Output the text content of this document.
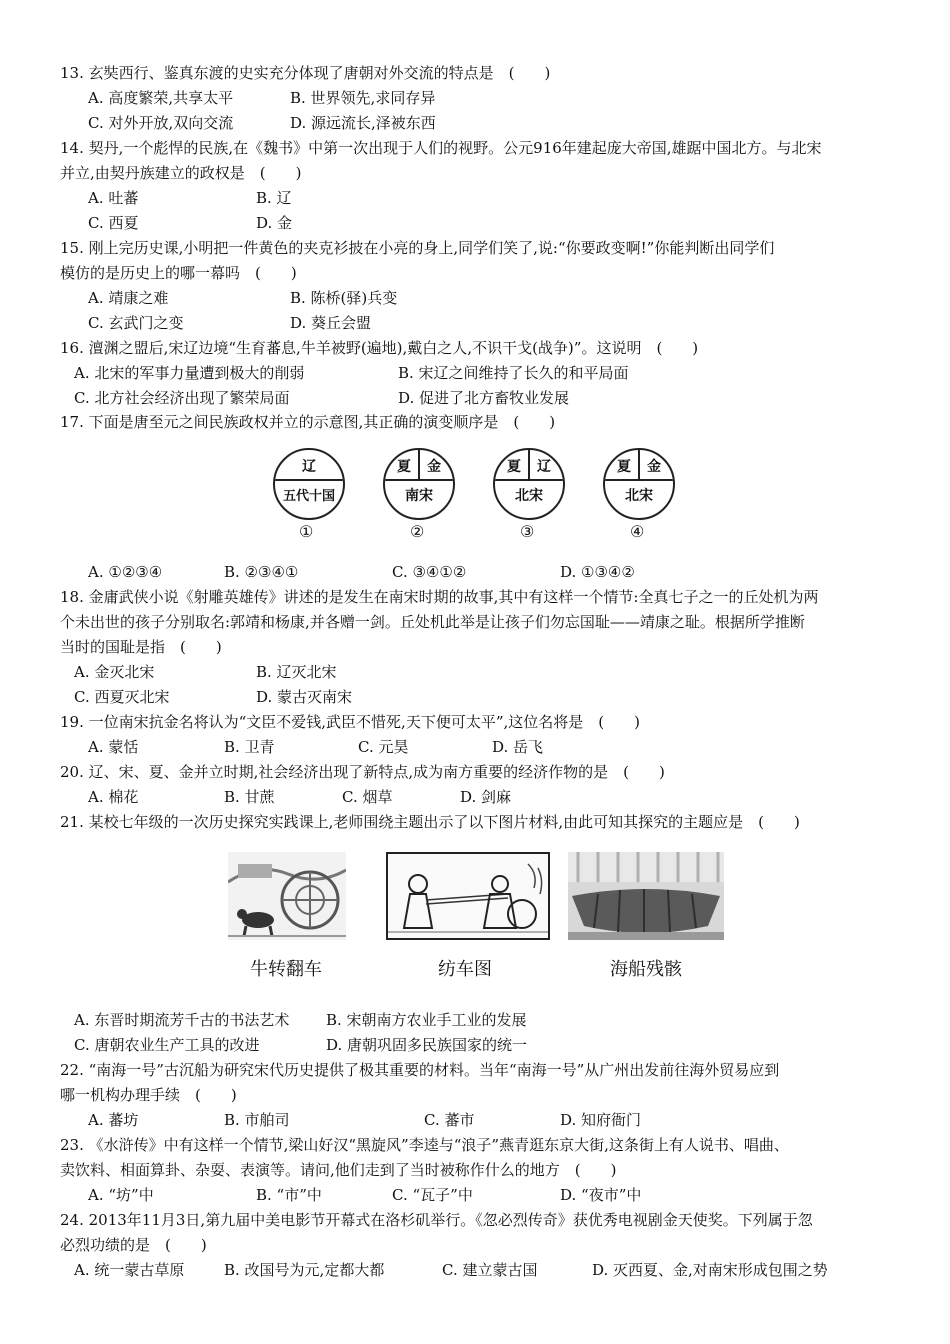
13. 玄奘西行、鉴真东渡的史实充分体现了唐朝对外交流的特点是　(　　)
A. 高度繁荣,共享太平	B. 世界领先,求同存异
C. 对外开放,双向交流	D. 源远流长,泽被东西
14. 契丹,一个彪悍的民族,在《魏书》中第一次出现于人们的视野。公元916年建起庞大帝国,雄踞中国北方。与北宋
并立,由契丹族建立的政权是　(　　)
A. 吐蕃	B. 辽
C. 西夏	D. 金
15. 刚上完历史课,小明把一件黄色的夹克衫披在小亮的身上,同学们笑了,说:“你要政变啊!”你能判断出同学们
模仿的是历史上的哪一幕吗　(　　)
A. 靖康之难	B. 陈桥(驿)兵变
C. 玄武门之变	D. 葵丘会盟
16. 澶渊之盟后,宋辽边境“生育蕃息,牛羊被野(遍地),戴白之人,不识干戈(战争)”。这说明　(　　)
A. 北宋的军事力量遭到极大的削弱	B. 宋辽之间维持了长久的和平局面
C. 北方社会经济出现了繁荣局面	D. 促进了北方畜牧业发展
17. 下面是唐至元之间民族政权并立的示意图,其正确的演变顺序是　(　　)
辽
五代十国
①
夏	金
南宋
②
夏	辽
北宋
③
夏	金
北宋
④
A. ①②③④	B. ②③④①	C. ③④①②	D. ①③④②
18. 金庸武侠小说《射雕英雄传》讲述的是发生在南宋时期的故事,其中有这样一个情节:全真七子之一的丘处机为两
个未出世的孩子分别取名:郭靖和杨康,并各赠一剑。丘处机此举是让孩子们勿忘国耻——靖康之耻。根据所学推断
当时的国耻是指　(　　)
A. 金灭北宋	B. 辽灭北宋
C. 西夏灭北宋	D. 蒙古灭南宋
19. 一位南宋抗金名将认为“文臣不爱钱,武臣不惜死,天下便可太平”,这位名将是　(　　)
A. 蒙恬	B. 卫青	C. 元昊	D. 岳飞
20. 辽、宋、夏、金并立时期,社会经济出现了新特点,成为南方重要的经济作物的是　(　　)
A. 棉花	B. 甘蔗	C. 烟草	D. 剑麻
21. 某校七年级的一次历史探究实践课上,老师围绕主题出示了以下图片材料,由此可知其探究的主题应是　(　　)
牛转翻车	纺车图	海船残骸
A. 东晋时期流芳千古的书法艺术 B. 宋朝南方农业手工业的发展
C. 唐朝农业生产工具的改进	D. 唐朝巩固多民族国家的统一
22. “南海一号”古沉船为研究宋代历史提供了极其重要的材料。当年“南海一号”从广州出发前往海外贸易应到
哪一机构办理手续　(　　)
A. 蕃坊	B. 市舶司	C. 蕃市	D. 知府衙门
23. 《水浒传》中有这样一个情节,梁山好汉“黑旋风”李逵与“浪子”燕青逛东京大街,这条街上有人说书、唱曲、
卖饮料、相面算卦、杂耍、表演等。请问,他们走到了当时被称作什么的地方　(　　)
A. “坊”中	B. “市”中	C. “瓦子”中	D. “夜市”中
24. 2013年11月3日,第九届中美电影节开幕式在洛杉矶举行。《忽必烈传奇》获优秀电视剧金天使奖。下列属于忽
必烈功绩的是　(　　)
A. 统一蒙古草原	B. 改国号为元,定都大都	C. 建立蒙古国	D. 灭西夏、金,对南宋形成包围之势
